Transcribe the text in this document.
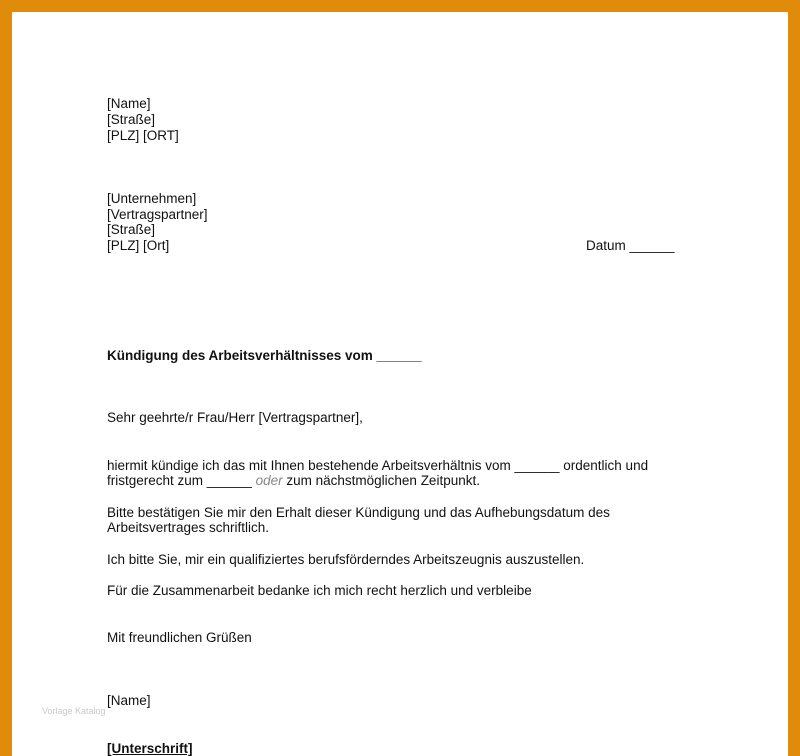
[Name]
[Straße]
[PLZ] [ORT]
[Unternehmen]
[Vertragspartner]
[Straße]
[PLZ] [Ort]	Datum ______
Kündigung des Arbeitsverhältnisses vom ______
Sehr geehrte/r Frau/Herr [Vertragspartner],
hiermit kündige ich das mit Ihnen bestehende Arbeitsverhältnis vom ______ ordentlich und
fristgerecht zum ______ oder zum nächstmöglichen Zeitpunkt.
Bitte bestätigen Sie mir den Erhalt dieser Kündigung und das Aufhebungsdatum des
Arbeitsvertrages schriftlich.
Ich bitte Sie, mir ein qualifiziertes berufsförderndes Arbeitszeugnis auszustellen.
Für die Zusammenarbeit bedanke ich mich recht herzlich und verbleibe
Mit freundlichen Grüßen
Vorlage Katalog
[Name]
[Unterschrift]
